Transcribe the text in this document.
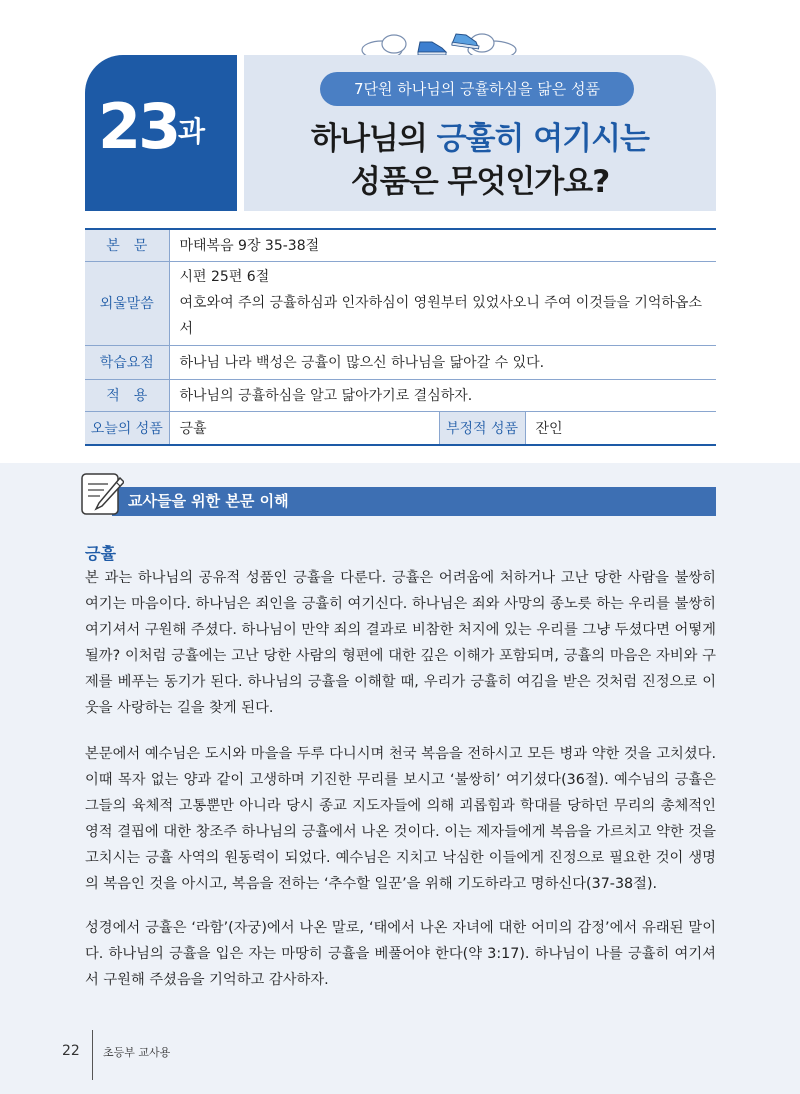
23 과
7단원 하나님의 긍휼하심을 닮은 성품
하나님의 긍휼히 여기시는
성품은 무엇인가요?
본　문	마태복음 9장 35-38절		
외울말씀	시편 25편 6절
여호와여 주의 긍휼하심과 인자하심이 영원부터 있었사오니 주여 이것들을 기억하옵소서		

학습요점	하나님 나라 백성은 긍휼이 많으신 하나님을 닮아갈 수 있다.		
적　용	하나님의 긍휼하심을 알고 닮아가기로 결심하자.		
오늘의 성품	긍휼	부정적 성품	잔인
교사들을 위한 본문 이해
긍휼
본 과는 하나님의 공유적 성품인 긍휼을 다룬다. 긍휼은 어려움에 처하거나 고난 당한 사람을 불쌍히 여기는 마음이다. 하나님은 죄인을 긍휼히 여기신다. 하나님은 죄와 사망의 종노릇 하는 우리를 불쌍히 여기셔서 구원해 주셨다. 하나님이 만약 죄의 결과로 비참한 처지에 있는 우리를 그냥 두셨다면 어떻게 될까? 이처럼 긍휼에는 고난 당한 사람의 형편에 대한 깊은 이해가 포함되며, 긍휼의 마음은 자비와 구제를 베푸는 동기가 된다. 하나님의 긍휼을 이해할 때, 우리가 긍휼히 여김을 받은 것처럼 진정으로 이웃을 사랑하는 길을 찾게 된다.
본문에서 예수님은 도시와 마을을 두루 다니시며 천국 복음을 전하시고 모든 병과 약한 것을 고치셨다. 이때 목자 없는 양과 같이 고생하며 기진한 무리를 보시고 ‘불쌍히’ 여기셨다(36절). 예수님의 긍휼은 그들의 육체적 고통뿐만 아니라 당시 종교 지도자들에 의해 괴롭힘과 학대를 당하던 무리의 총체적인 영적 결핍에 대한 창조주 하나님의 긍휼에서 나온 것이다. 이는 제자들에게 복음을 가르치고 약한 것을 고치시는 긍휼 사역의 원동력이 되었다. 예수님은 지치고 낙심한 이들에게 진정으로 필요한 것이 생명의 복음인 것을 아시고, 복음을 전하는 ‘추수할 일꾼’을 위해 기도하라고 명하신다(37-38절).
성경에서 긍휼은 ‘라함’(자궁)에서 나온 말로, ‘태에서 나온 자녀에 대한 어미의 감정’에서 유래된 말이다. 하나님의 긍휼을 입은 자는 마땅히 긍휼을 베풀어야 한다(약 3:17). 하나님이 나를 긍휼히 여기셔서 구원해 주셨음을 기억하고 감사하자.
22 초등부 교사용
